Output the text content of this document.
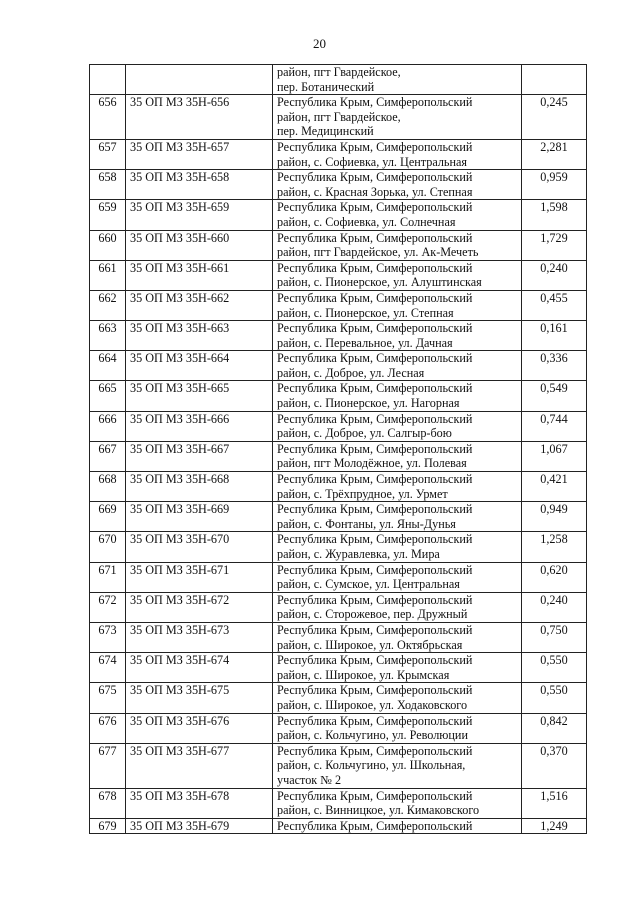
20
		район, пгт Гвардейское,
пер. Ботанический	
656	35 ОП МЗ 35Н-656	Республика Крым, Симферопольский
район, пгт Гвардейское,
пер. Медицинский	0,245
657	35 ОП МЗ 35Н-657	Республика Крым, Симферопольский
район, с. Софиевка, ул. Центральная	2,281
658	35 ОП МЗ 35Н-658	Республика Крым, Симферопольский
район, с. Красная Зорька, ул. Степная	0,959
659	35 ОП МЗ 35Н-659	Республика Крым, Симферопольский
район, с. Софиевка, ул. Солнечная	1,598
660	35 ОП МЗ 35Н-660	Республика Крым, Симферопольский
район, пгт Гвардейское, ул. Ак-Мечеть	1,729
661	35 ОП МЗ 35Н-661	Республика Крым, Симферопольский
район, с. Пионерское, ул. Алуштинская	0,240
662	35 ОП МЗ 35Н-662	Республика Крым, Симферопольский
район, с. Пионерское, ул. Степная	0,455
663	35 ОП МЗ 35Н-663	Республика Крым, Симферопольский
район, с. Перевальное, ул. Дачная	0,161
664	35 ОП МЗ 35Н-664	Республика Крым, Симферопольский
район, с. Доброе, ул. Лесная	0,336
665	35 ОП МЗ 35Н-665	Республика Крым, Симферопольский
район, с. Пионерское, ул. Нагорная	0,549
666	35 ОП МЗ 35Н-666	Республика Крым, Симферопольский
район, с. Доброе, ул. Салгыр-бою	0,744
667	35 ОП МЗ 35Н-667	Республика Крым, Симферопольский
район, пгт Молодёжное, ул. Полевая	1,067
668	35 ОП МЗ 35Н-668	Республика Крым, Симферопольский
район, с. Трёхпрудное, ул. Урмет	0,421
669	35 ОП МЗ 35Н-669	Республика Крым, Симферопольский
район, с. Фонтаны, ул. Яны-Дунья	0,949
670	35 ОП МЗ 35Н-670	Республика Крым, Симферопольский
район, с. Журавлевка, ул. Мира	1,258
671	35 ОП МЗ 35Н-671	Республика Крым, Симферопольский
район, с. Сумское, ул. Центральная	0,620
672	35 ОП МЗ 35Н-672	Республика Крым, Симферопольский
район, с. Сторожевое, пер. Дружный	0,240
673	35 ОП МЗ 35Н-673	Республика Крым, Симферопольский
район, с. Широкое, ул. Октябрьская	0,750
674	35 ОП МЗ 35Н-674	Республика Крым, Симферопольский
район, с. Широкое, ул. Крымская	0,550
675	35 ОП МЗ 35Н-675	Республика Крым, Симферопольский
район, с. Широкое, ул. Ходаковского	0,550
676	35 ОП МЗ 35Н-676	Республика Крым, Симферопольский
район, с. Кольчугино, ул. Революции	0,842
677	35 ОП МЗ 35Н-677	Республика Крым, Симферопольский
район, с. Кольчугино, ул. Школьная,
участок № 2	0,370
678	35 ОП МЗ 35Н-678	Республика Крым, Симферопольский
район, с. Винницкое, ул. Кимаковского	1,516
679	35 ОП МЗ 35Н-679	Республика Крым, Симферопольский	1,249
